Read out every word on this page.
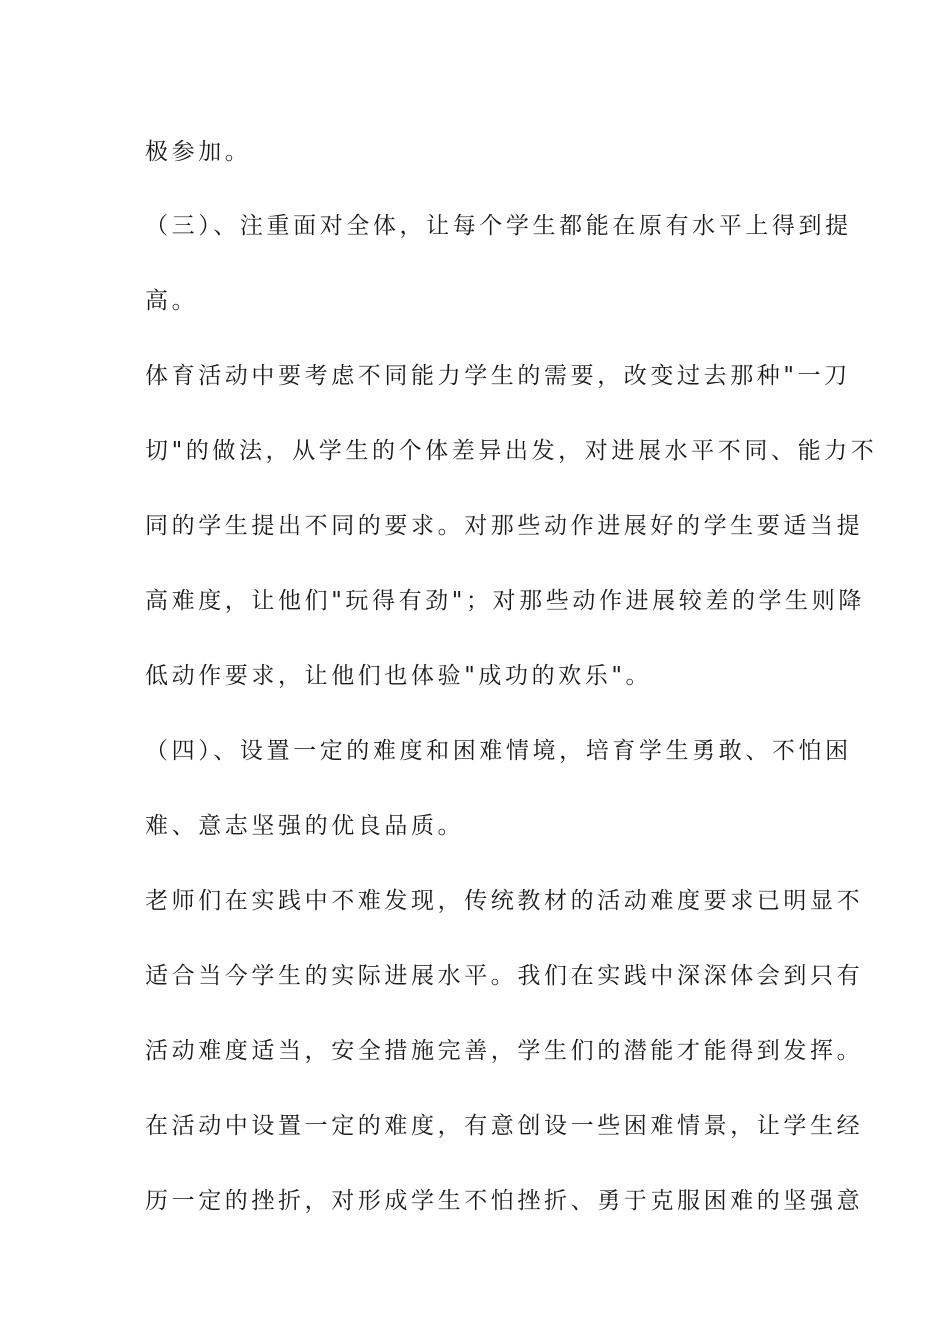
极参加。
（三）、注重面对全体，让每个学生都能在原有水平上得到提
高。
体育活动中要考虑不同能力学生的需要，改变过去那种"一刀
切"的做法，从学生的个体差异出发，对进展水平不同、能力不
同的学生提出不同的要求。对那些动作进展好的学生要适当提
高难度，让他们"玩得有劲"；对那些动作进展较差的学生则降
低动作要求，让他们也体验"成功的欢乐"。
（四）、设置一定的难度和困难情境，培育学生勇敢、不怕困
难、意志坚强的优良品质。
老师们在实践中不难发现，传统教材的活动难度要求已明显不
适合当今学生的实际进展水平。我们在实践中深深体会到只有
活动难度适当，安全措施完善，学生们的潜能才能得到发挥。
在活动中设置一定的难度，有意创设一些困难情景，让学生经
历一定的挫折，对形成学生不怕挫折、勇于克服困难的坚强意
